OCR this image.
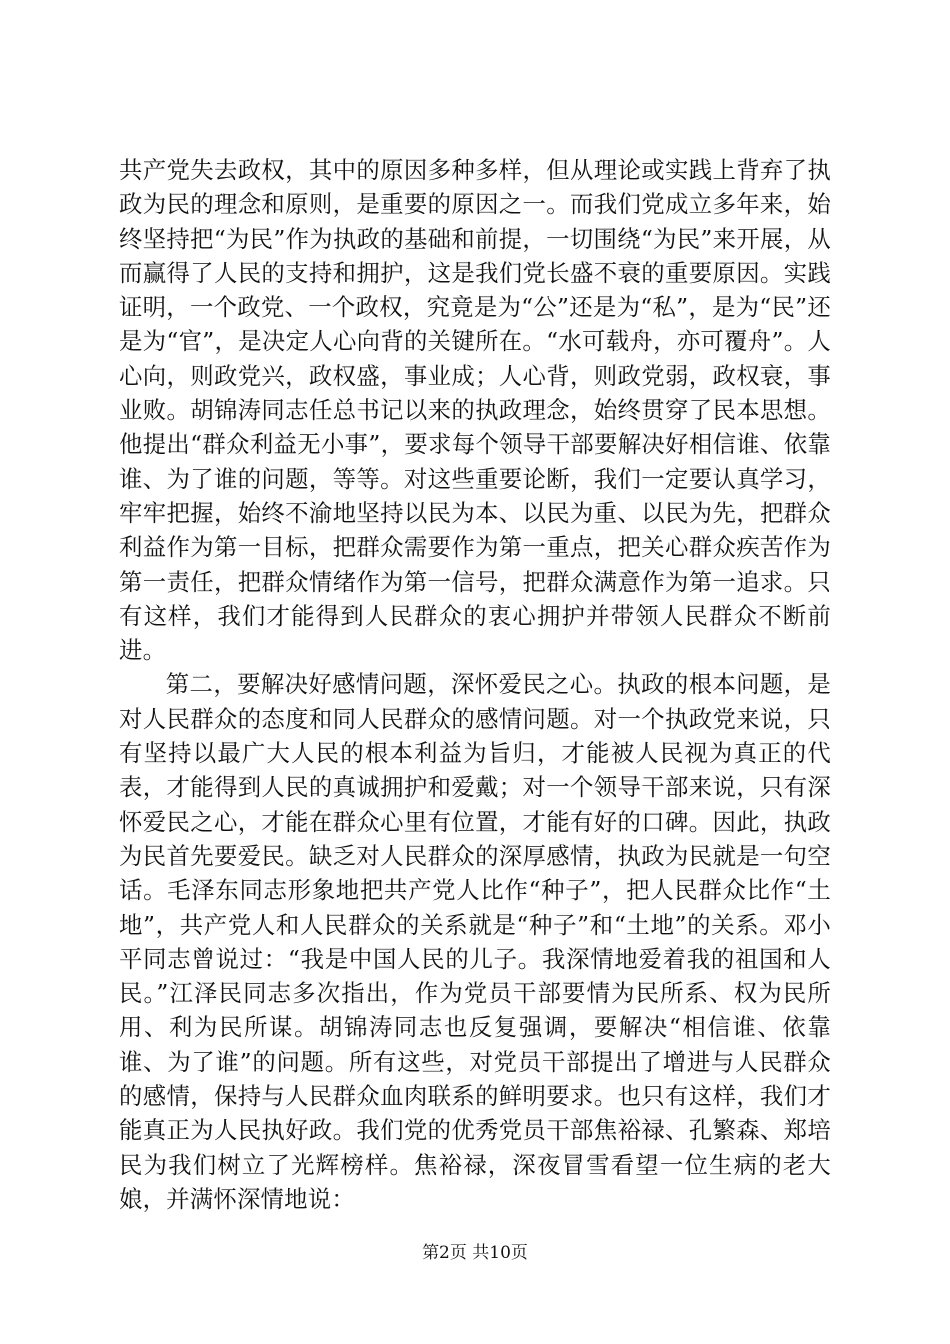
共产党失去政权，其中的原因多种多样，但从理论或实践上背弃了执政为民的理念和原则，是重要的原因之一。而我们党成立多年来，始终坚持把“为民”作为执政的基础和前提，一切围绕“为民”来开展，从而赢得了人民的支持和拥护，这是我们党长盛不衰的重要原因。实践证明，一个政党、一个政权，究竟是为“公”还是为“私”，是为“民”还是为“官”，是决定人心向背的关键所在。“水可载舟，亦可覆舟”。人心向，则政党兴，政权盛，事业成；人心背，则政党弱，政权衰，事业败。胡锦涛同志任总书记以来的执政理念，始终贯穿了民本思想。他提出“群众利益无小事”，要求每个领导干部要解决好相信谁、依靠谁、为了谁的问题，等等。对这些重要论断，我们一定要认真学习，牢牢把握，始终不渝地坚持以民为本、以民为重、以民为先，把群众利益作为第一目标，把群众需要作为第一重点，把关心群众疾苦作为第一责任，把群众情绪作为第一信号，把群众满意作为第一追求。只有这样，我们才能得到人民群众的衷心拥护并带领人民群众不断前进。

第二，要解决好感情问题，深怀爱民之心。执政的根本问题，是对人民群众的态度和同人民群众的感情问题。对一个执政党来说，只有坚持以最广大人民的根本利益为旨归，才能被人民视为真正的代表，才能得到人民的真诚拥护和爱戴；对一个领导干部来说，只有深怀爱民之心，才能在群众心里有位置，才能有好的口碑。因此，执政为民首先要爱民。缺乏对人民群众的深厚感情，执政为民就是一句空话。毛泽东同志形象地把共产党人比作“种子”，把人民群众比作“土地”，共产党人和人民群众的关系就是“种子”和“土地”的关系。邓小平同志曾说过：“我是中国人民的儿子。我深情地爱着我的祖国和人民。”江泽民同志多次指出，作为党员干部要情为民所系、权为民所用、利为民所谋。胡锦涛同志也反复强调，要解决“相信谁、依靠谁、为了谁”的问题。所有这些，对党员干部提出了增进与人民群众的感情，保持与人民群众血肉联系的鲜明要求。也只有这样，我们才能真正为人民执好政。我们党的优秀党员干部焦裕禄、孔繁森、郑培民为我们树立了光辉榜样。焦裕禄，深夜冒雪看望一位生病的老大娘，并满怀深情地说：

第2页 共10页
